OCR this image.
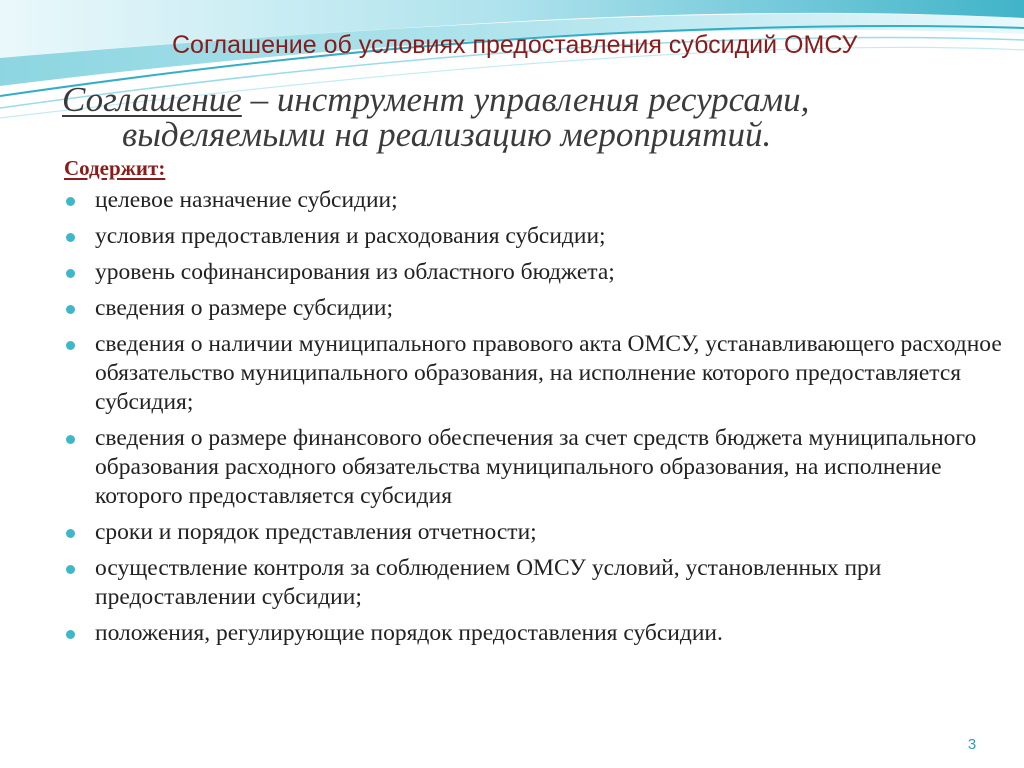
Соглашение об условиях предоставления субсидий ОМСУ

Соглашение – инструмент управления ресурсами,
выделяемыми на реализацию мероприятий.

Содержит:

целевое назначение субсидии;
условия предоставления и расходования субсидии;
уровень софинансирования из областного бюджета;
сведения о размере субсидии;
сведения о наличии муниципального правового акта ОМСУ, устанавливающего расходное обязательство муниципального образования, на исполнение которого предоставляется субсидия;
сведения о размере финансового обеспечения за счет средств бюджета муниципального образования расходного обязательства муниципального образования, на исполнение которого предоставляется субсидия
сроки и порядок представления отчетности;
осуществление контроля за соблюдением ОМСУ условий, установленных при предоставлении субсидии;
положения, регулирующие порядок предоставления субсидии.
3
